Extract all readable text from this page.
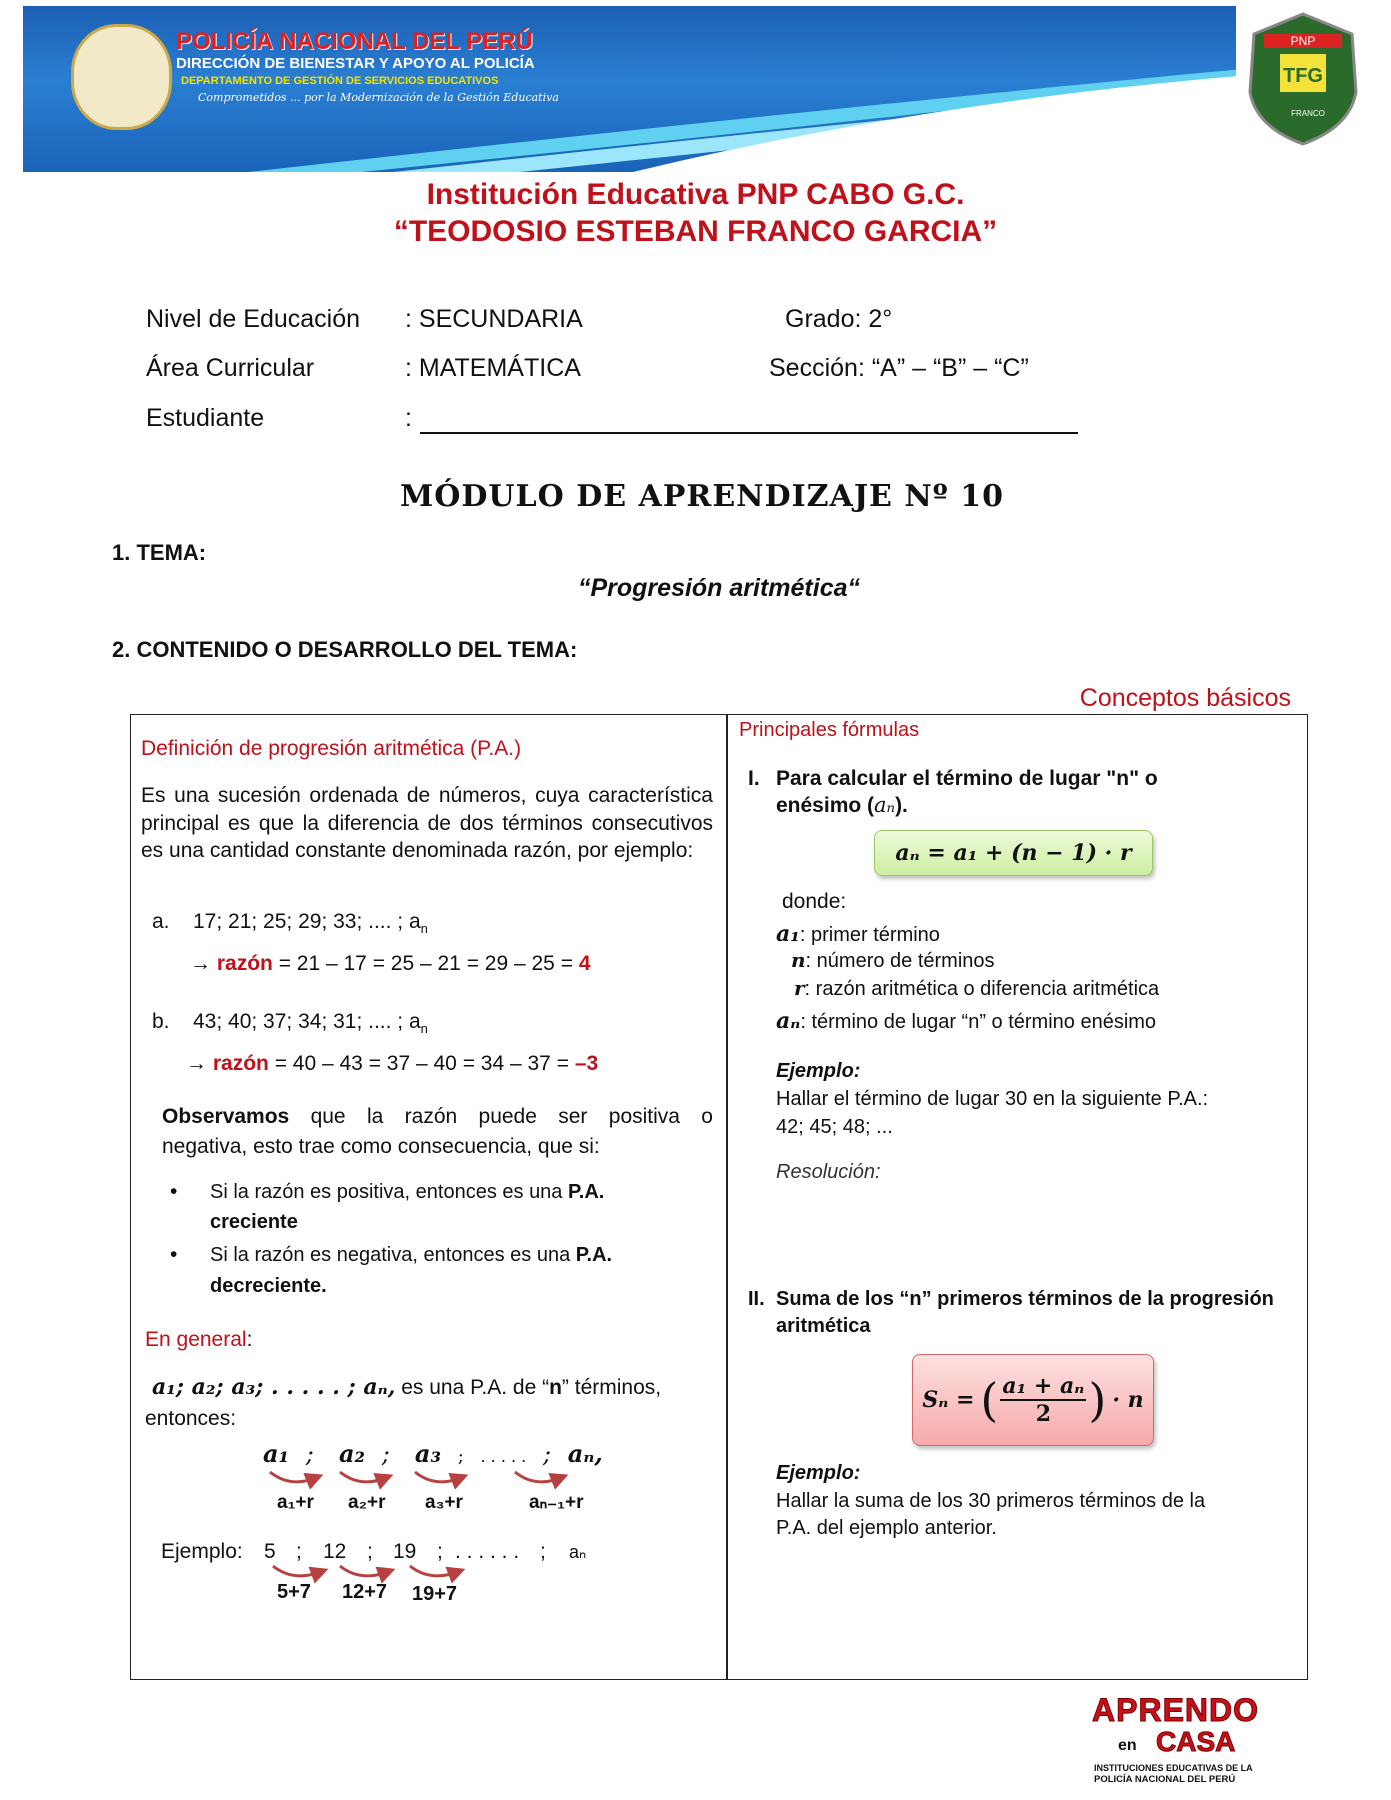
POLICÍA NACIONAL DEL PERÚ
DIRECCIÓN DE BIENESTAR Y APOYO AL POLICÍA
DEPARTAMENTO DE GESTIÓN DE SERVICIOS EDUCATIVOS
Comprometidos ... por la Modernización de la Gestión Educativa
PNP
TFG
FRANCO
Institución Educativa PNP CABO G.C.
“TEODOSIO ESTEBAN FRANCO GARCIA”
Nivel de Educación : SECUNDARIA	Grado: 2°
Área Curricular	: MATEMÁTICA	Sección: “A” – “B” – “C”
Estudiante	:
MÓDULO DE APRENDIZAJE Nº 10
1. TEMA:
“Progresión aritmética“
2. CONTENIDO O DESARROLLO DEL TEMA:
Conceptos básicos
Definición de progresión aritmética (P.A.)
Es una sucesión ordenada de números, cuya característica principal es que la diferencia de dos términos consecutivos es una cantidad constante denominada razón, por ejemplo:
a. 17; 21; 25; 29; 33; .... ; $a_n$
→ razón = 21 – 17 = 25 – 21 = 29 – 25 = 4
b. 43; 40; 37; 34; 31; .... ; $a_n$
→ razón = 40 – 43 = 37 – 40 = 34 – 37 = –3
Observamos que la razón puede ser positiva o
negativa, esto trae como consecuencia, que si:
• Si la razón es positiva, entonces es una P.A.
creciente
• Si la razón es negativa, entonces es una P.A.
decreciente.
En general:
a₁; a₂; a₃; . . . . . ; aₙ, es una P.A. de “n” términos,
entonces:
a₁ ; a₂ ; a₃ ; . . . . . ; aₙ,
a₁+r a₂+r a₃+r	aₙ₋₁+r
Ejemplo: 5 ; 12 ; 19 ; . . . . . . ; aₙ
5+7 12+7 19+7
Principales fórmulas
I. Para calcular el término de lugar "n" o
enésimo (aₙ).
aₙ = a₁ + (n − 1) · r
donde:
a₁: primer término
n: número de términos
r: razón aritmética o diferencia aritmética
aₙ: término de lugar “n” o término enésimo
Ejemplo:
Hallar el término de lugar 30 en la siguiente P.A.:
42; 45; 48; ...
Resolución:
II. Suma de los “n” primeros términos de la progresión
aritmética
Sₙ = ( $\frac{\text{a₁ + aₙ}}{2}$ ) · n
Ejemplo:
Hallar la suma de los 30 primeros términos de la
P.A. del ejemplo anterior.
APRENDO
en CASA
INSTITUCIONES EDUCATIVAS DE LA
POLICÍA NACIONAL DEL PERÚ
